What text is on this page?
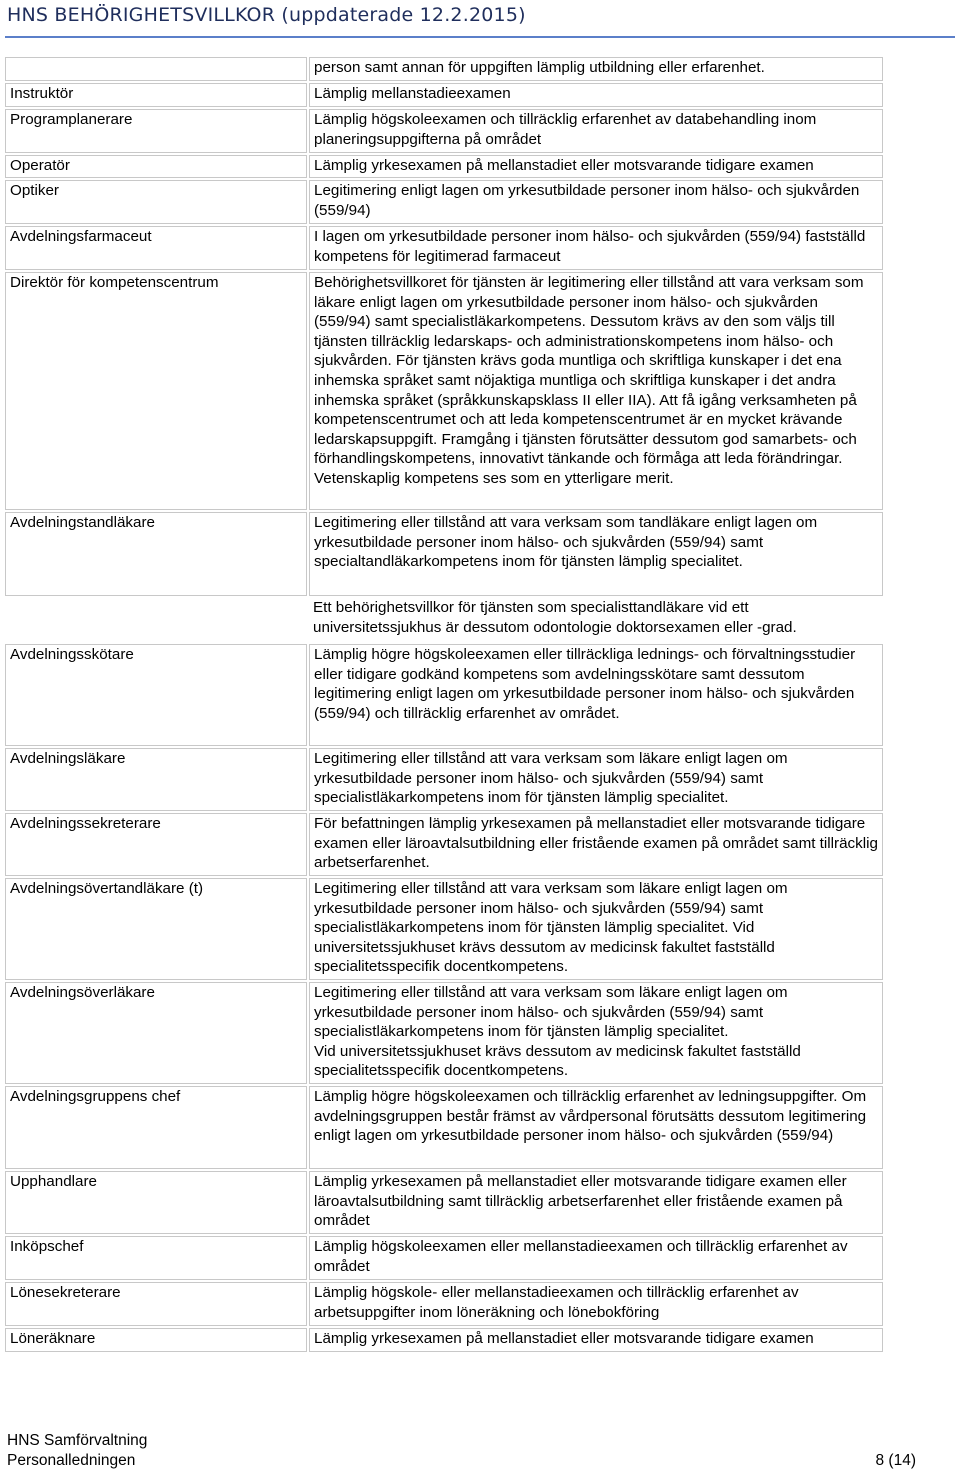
HNS BEHÖRIGHETSVILLKOR (uppdaterade 12.2.2015)
	person samt annan för uppgiften lämplig utbildning eller erfarenhet.
Instruktör	Lämplig mellanstadieexamen
Programplanerare	Lämplig högskoleexamen och tillräcklig erfarenhet av databehandling inom planeringsuppgifterna på området
Operatör	Lämplig yrkesexamen på mellanstadiet eller motsvarande tidigare examen
Optiker	Legitimering enligt lagen om yrkesutbildade personer inom hälso- och sjukvården (559/94)
Avdelningsfarmaceut	I lagen om yrkesutbildade personer inom hälso- och sjukvården (559/94) fastställd kompetens för legitimerad farmaceut
Direktör för kompetenscentrum	Behörighetsvillkoret för tjänsten är legitimering eller tillstånd att vara verksam som läkare enligt lagen om yrkesutbildade personer inom hälso- och sjukvården (559/94) samt specialistläkarkompetens. Dessutom krävs av den som väljs till tjänsten tillräcklig ledarskaps- och administrationskompetens inom hälso- och sjukvården. För tjänsten krävs goda muntliga och skriftliga kunskaper i det ena inhemska språket samt nöjaktiga muntliga och skriftliga kunskaper i det andra inhemska språket (språkkunskapsklass II eller IIA). Att få igång verksamheten på kompetenscentrumet och att leda kompetenscentrumet är en mycket krävande ledarskapsuppgift. Framgång i tjänsten förutsätter dessutom god samarbets- och förhandlingskompetens, innovativt tänkande och förmåga att leda förändringar. Vetenskaplig kompetens ses som en ytterligare merit.
Avdelningstandläkare	Legitimering eller tillstånd att vara verksam som tandläkare enligt lagen om yrkesutbildade personer inom hälso- och sjukvården (559/94) samt specialtandläkarkompetens inom för tjänsten lämplig specialitet.
	Ett behörighetsvillkor för tjänsten som specialisttandläkare vid ett universitetssjukhus är dessutom odontologie doktorsexamen eller -grad.
Avdelningsskötare	Lämplig högre högskoleexamen eller tillräckliga lednings- och förvaltningsstudier eller tidigare godkänd kompetens som avdelningsskötare samt dessutom legitimering enligt lagen om yrkesutbildade personer inom hälso- och sjukvården (559/94) och tillräcklig erfarenhet av området.
Avdelningsläkare	Legitimering eller tillstånd att vara verksam som läkare enligt lagen om yrkesutbildade personer inom hälso- och sjukvården (559/94) samt specialistläkarkompetens inom för tjänsten lämplig specialitet.
Avdelningssekreterare	För befattningen lämplig yrkesexamen på mellanstadiet eller motsvarande tidigare examen eller läroavtalsutbildning eller fristående examen på området samt tillräcklig arbetserfarenhet.
Avdelningsövertandläkare (t)	Legitimering eller tillstånd att vara verksam som läkare enligt lagen om yrkesutbildade personer inom hälso- och sjukvården (559/94) samt specialistläkarkompetens inom för tjänsten lämplig specialitet. Vid universitetssjukhuset krävs dessutom av medicinsk fakultet fastställd specialitetsspecifik docentkompetens.
Avdelningsöverläkare	Legitimering eller tillstånd att vara verksam som läkare enligt lagen om yrkesutbildade personer inom hälso- och sjukvården (559/94) samt specialistläkarkompetens inom för tjänsten lämplig specialitet.
Vid universitetssjukhuset krävs dessutom av medicinsk fakultet fastställd specialitetsspecifik docentkompetens.
Avdelningsgruppens chef	Lämplig högre högskoleexamen och tillräcklig erfarenhet av ledningsuppgifter. Om avdelningsgruppen består främst av vårdpersonal förutsätts dessutom legitimering enligt lagen om yrkesutbildade personer inom hälso- och sjukvården (559/94)
Upphandlare	Lämplig yrkesexamen på mellanstadiet eller motsvarande tidigare examen eller läroavtalsutbildning samt tillräcklig arbetserfarenhet eller fristående examen på området
Inköpschef	Lämplig högskoleexamen eller mellanstadieexamen och tillräcklig erfarenhet av området
Lönesekreterare	Lämplig högskole- eller mellanstadieexamen och tillräcklig erfarenhet av arbetsuppgifter inom löneräkning och lönebokföring
Löneräknare	Lämplig yrkesexamen på mellanstadiet eller motsvarande tidigare examen
HNS Samförvaltning
Personalledningen	8 (14)
